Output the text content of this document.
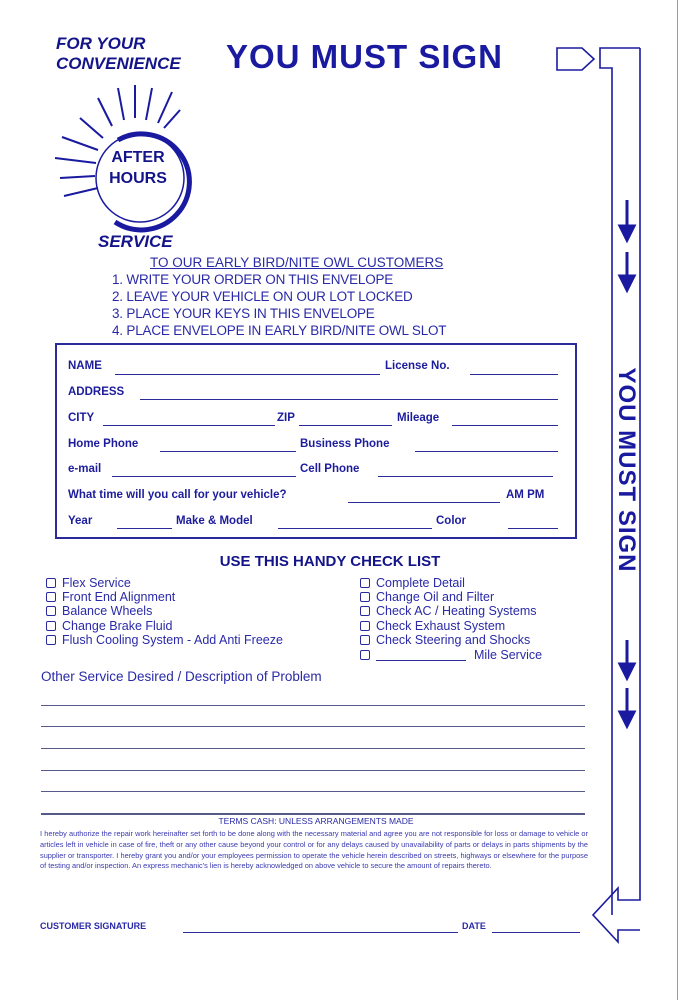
FOR YOUR
CONVENIENCE YOU MUST SIGN
AFTER
HOURS
SERVICE
TO OUR EARLY BIRD/NITE OWL CUSTOMERS
1. WRITE YOUR ORDER ON THIS ENVELOPE
2. LEAVE YOUR VEHICLE ON OUR LOT LOCKED
3. PLACE YOUR KEYS IN THIS ENVELOPE
4. PLACE ENVELOPE IN EARLY BIRD/NITE OWL SLOT
NAME	License No.
ADDRESS
CITY	ZIP	Mileage
Home Phone	Business Phone
e-mail	Cell Phone
What time will you call for your vehicle?	AM PM
Year	Make & Model	Color
USE THIS HANDY CHECK LIST
Flex Service
Front End Alignment
Balance Wheels
Change Brake Fluid
Flush Cooling System - Add Anti Freeze
Complete Detail
Change Oil and Filter
Check AC / Heating Systems
Check Exhaust System
Check Steering and Shocks
Mile Service
Other Service Desired / Description of Problem
TERMS CASH: UNLESS ARRANGEMENTS MADE
I hereby authorize the repair work hereinafter set forth to be done along with the necessary material and agree you are not responsible for loss or damage to vehicle or articles left in vehicle in case of fire, theft or any other cause beyond your control or for any delays caused by unavailability of parts or delays in parts shipments by the supplier or transporter. I hereby grant you and/or your employees permission to operate the vehicle herein described on streets, highways or elsewhere for the purpose of testing and/or inspection. An express mechanic's lien is hereby acknowledged on above vehicle to secure the amount of repairs thereto.
CUSTOMER SIGNATURE	DATE
YOU MUST SIGN
